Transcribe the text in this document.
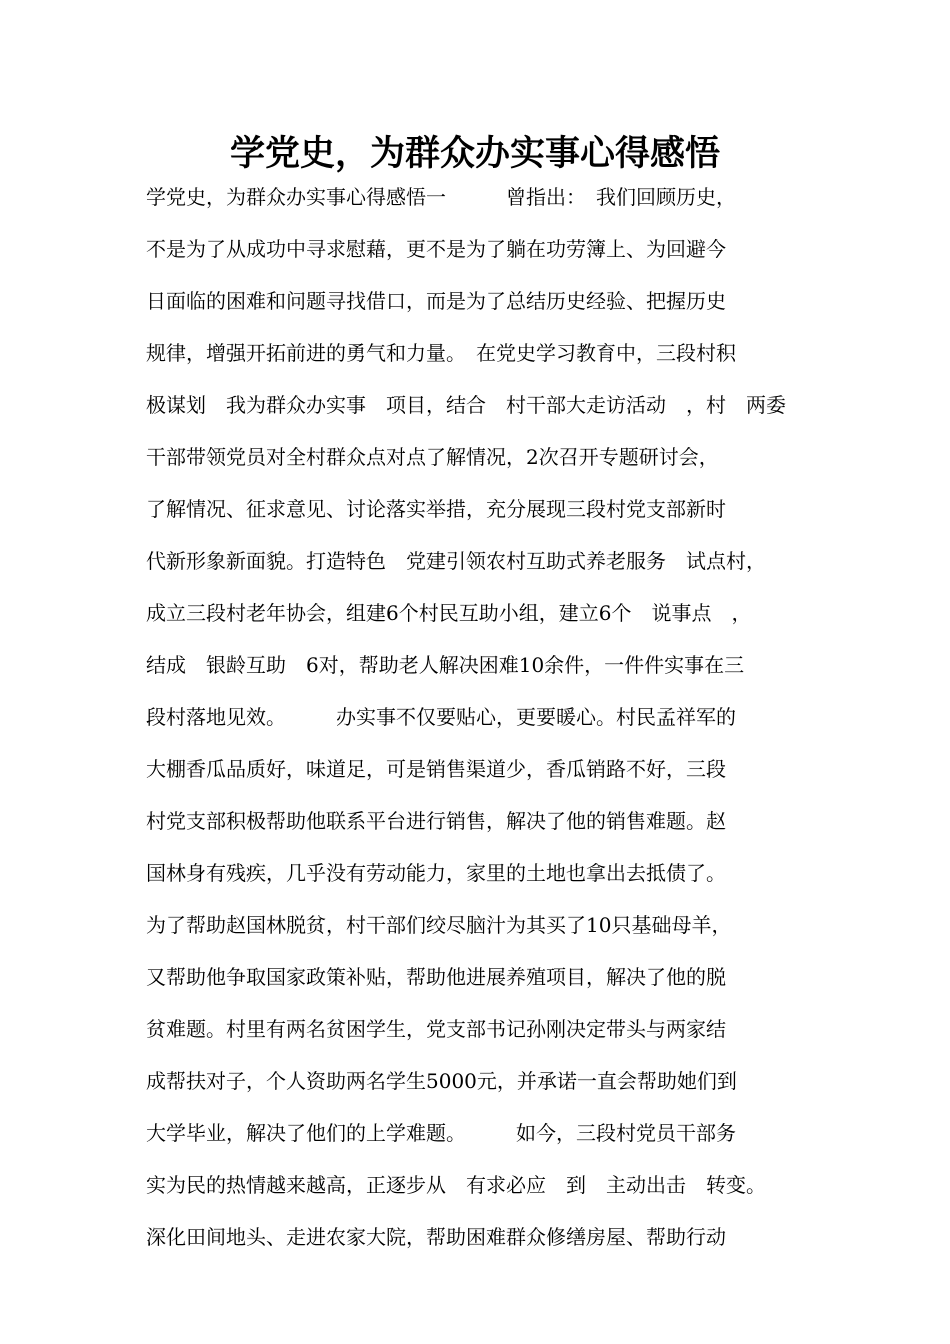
学党史，为群众办实事心得感悟
学党史，为群众办实事心得感悟一　　　曾指出：　我们回顾历史，
不是为了从成功中寻求慰藉，更不是为了躺在功劳簿上、为回避今
日面临的困难和问题寻找借口，而是为了总结历史经验、把握历史
规律，增强开拓前进的勇气和力量。　在党史学习教育中，三段村积
极谋划　我为群众办实事　项目，结合　村干部大走访活动　，村　两委
干部带领党员对全村群众点对点了解情况，2次召开专题研讨会，
了解情况、征求意见、讨论落实举措，充分展现三段村党支部新时
代新形象新面貌。打造特色　党建引领农村互助式养老服务　试点村，
成立三段村老年协会，组建6个村民互助小组，建立6个　说事点　，
结成　银龄互助　6对，帮助老人解决困难10余件，一件件实事在三
段村落地见效。　　　办实事不仅要贴心，更要暖心。村民孟祥军的
大棚香瓜品质好，味道足，可是销售渠道少，香瓜销路不好，三段
村党支部积极帮助他联系平台进行销售，解决了他的销售难题。赵
国林身有残疾，几乎没有劳动能力，家里的土地也拿出去抵债了。
为了帮助赵国林脱贫，村干部们绞尽脑汁为其买了10只基础母羊，
又帮助他争取国家政策补贴，帮助他进展养殖项目，解决了他的脱
贫难题。村里有两名贫困学生，党支部书记孙刚决定带头与两家结
成帮扶对子，个人资助两名学生5000元，并承诺一直会帮助她们到
大学毕业，解决了他们的上学难题。　　　如今，三段村党员干部务
实为民的热情越来越高，正逐步从　有求必应　到　主动出击　转变。
深化田间地头、走进农家大院，帮助困难群众修缮房屋、帮助行动
